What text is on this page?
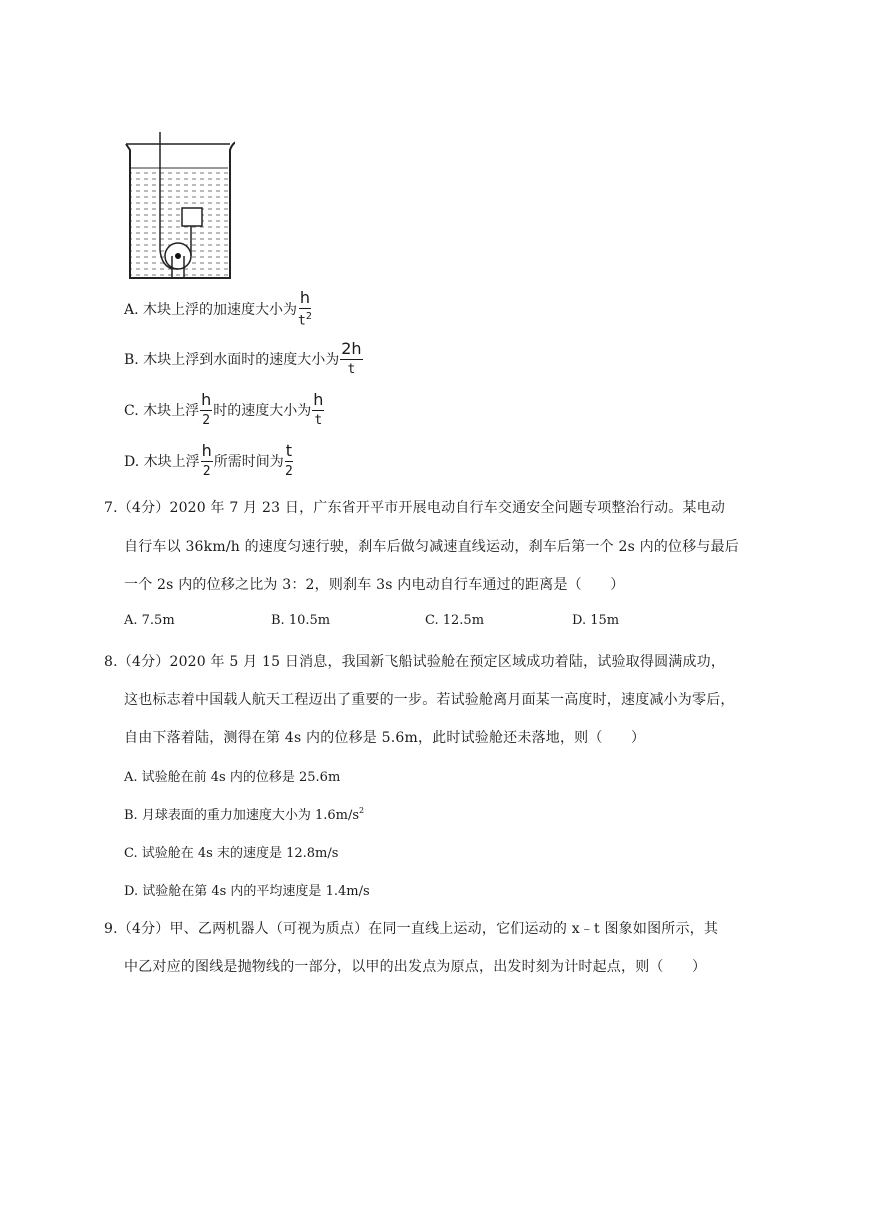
A. 木块上浮的加速度大小为 $\frac{h}{t^2}$
B. 木块上浮到水面时的速度大小为 $\frac{2h}{t}$
C. 木块上浮 $\frac{h}{2}$ 时的速度大小为 $\frac{h}{t}$
D. 木块上浮 $\frac{h}{2}$ 所需时间为 $\frac{t}{2}$
7.（4分）2020 年 7 月 23 日，广东省开平市开展电动自行车交通安全问题专项整治行动。某电动
自行车以 36km/h 的速度匀速行驶，刹车后做匀减速直线运动，刹车后第一个 2s 内的位移与最后
一个 2s 内的位移之比为 3：2，则刹车 3s 内电动自行车通过的距离是（　　）
A. 7.5m	B. 10.5m	C. 12.5m	D. 15m
8.（4分）2020 年 5 月 15 日消息，我国新飞船试验舱在预定区域成功着陆，试验取得圆满成功，
这也标志着中国载人航天工程迈出了重要的一步。若试验舱离月面某一高度时，速度减小为零后，
自由下落着陆，测得在第 4s 内的位移是 5.6m，此时试验舱还未落地，则（　　）
A. 试验舱在前 4s 内的位移是 25.6m
B. 月球表面的重力加速度大小为 $1.6m/s^2$
C. 试验舱在 4s 末的速度是 12.8m/s
D. 试验舱在第 4s 内的平均速度是 1.4m/s
9.（4分）甲、乙两机器人（可视为质点）在同一直线上运动，它们运动的 x﹣t 图象如图所示，其
中乙对应的图线是抛物线的一部分，以甲的出发点为原点，出发时刻为计时起点，则（　　）
